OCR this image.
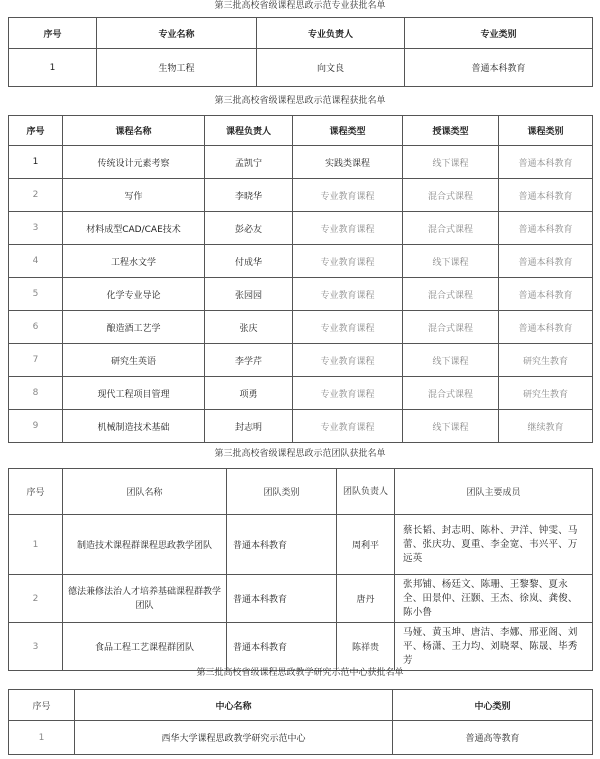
第三批高校省级课程思政示范专业获批名单
序号	专业名称	专业负责人	专业类别
1	生物工程	向文良	普通本科教育
第三批高校省级课程思政示范课程获批名单
序号	课程名称	课程负责人	课程类型	授课类型	课程类别
1	传统设计元素考察	孟凯宁	实践类课程	线下课程	普通本科教育
2	写作	李晓华	专业教育课程	混合式课程	普通本科教育
3	材料成型CAD/CAE技术	彭必友	专业教育课程	混合式课程	普通本科教育
4	工程水文学	付成华	专业教育课程	线下课程	普通本科教育
5	化学专业导论	张园园	专业教育课程	混合式课程	普通本科教育
6	酿造酒工艺学	张庆	专业教育课程	混合式课程	普通本科教育
7	研究生英语	李学芹	专业教育课程	线下课程	研究生教育
8	现代工程项目管理	项勇	专业教育课程	混合式课程	研究生教育
9	机械制造技术基础	封志明	专业教育课程	线下课程	继续教育
第三批高校省级课程思政示范团队获批名单
序号	团队名称	团队类别	团队负责人	团队主要成员
1	制造技术课程群课程思政教学团队	普通本科教育	周利平	蔡长韬、封志明、陈朴、尹洋、钟雯、马蕾、张庆功、夏重、李金宽、韦兴平、万远英
2	德法兼修法治人才培养基础课程群教学团队	普通本科教育	唐丹	张邦铺、杨廷文、陈珊、王黎黎、夏永全、田景仲、汪颢、王杰、徐岚、龚俊、陈小鲁
3	食品工程工艺课程群团队	普通本科教育	陈祥贵	马娅、黄玉坤、唐洁、李娜、邢亚阁、刘平、杨潇、王力均、刘晓翠、陈晟、毕秀芳
第三批高校省级课程思政教学研究示范中心获批名单
序号	中心名称	中心类别
1	西华大学课程思政教学研究示范中心	普通高等教育
